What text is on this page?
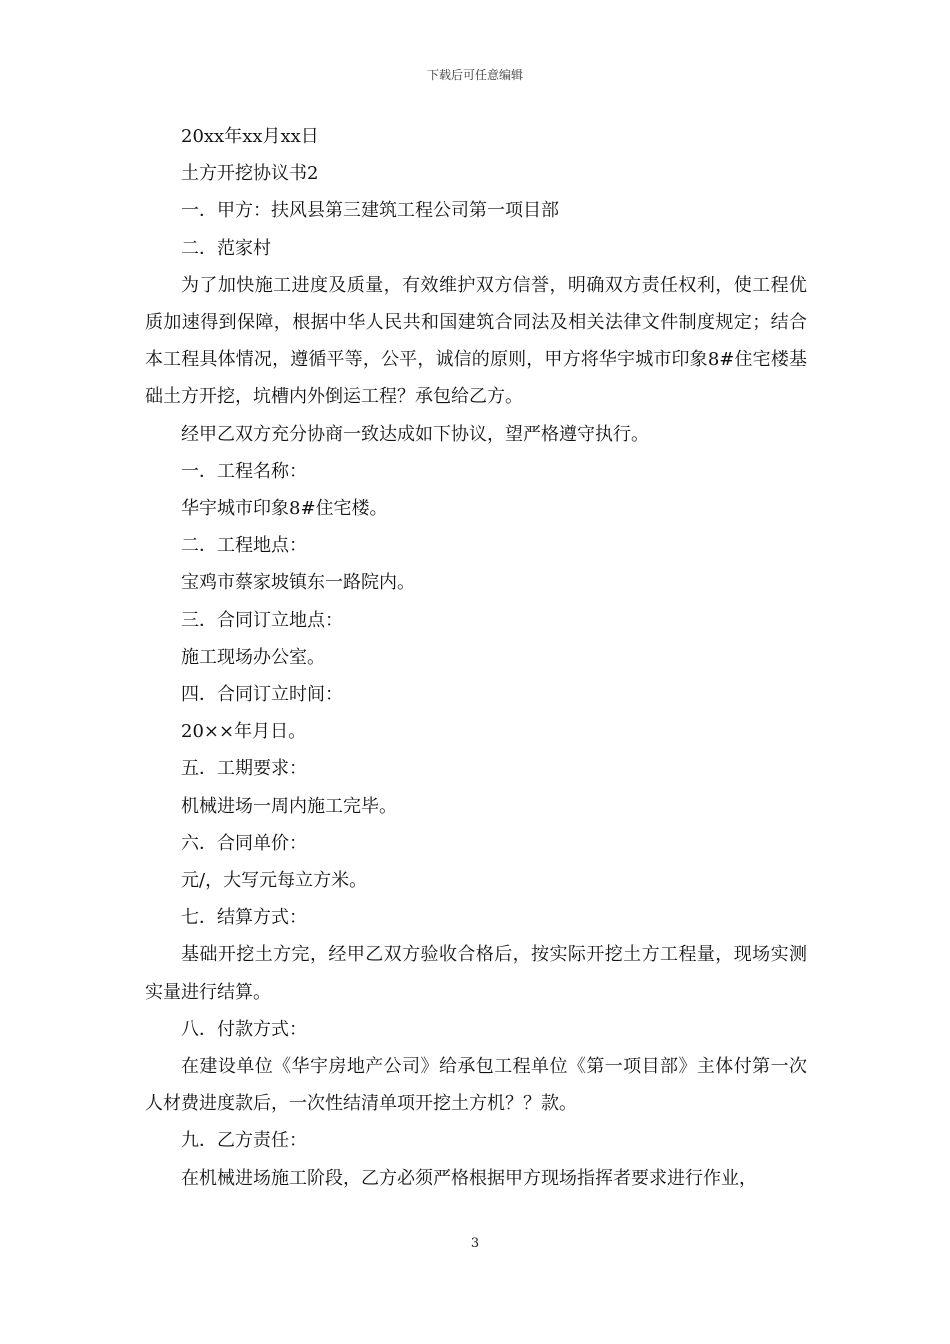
下载后可任意编辑

20xx年xx月xx日

土方开挖协议书2

一．甲方：扶风县第三建筑工程公司第一项目部

二．范家村

为了加快施工进度及质量，有效维护双方信誉，明确双方责任权利，使工程优质加速得到保障，根据中华人民共和国建筑合同法及相关法律文件制度规定；结合本工程具体情况，遵循平等，公平，诚信的原则，甲方将华宇城市印象8#住宅楼基础土方开挖，坑槽内外倒运工程？承包给乙方。

经甲乙双方充分协商一致达成如下协议，望严格遵守执行。

一．工程名称：

华宇城市印象8#住宅楼。

二．工程地点：

宝鸡市蔡家坡镇东一路院内。

三．合同订立地点：

施工现场办公室。

四．合同订立时间：

20××年月日。

五．工期要求：

机械进场一周内施工完毕。

六．合同单价：

元/，大写元每立方米。

七．结算方式：

基础开挖土方完，经甲乙双方验收合格后，按实际开挖土方工程量，现场实测实量进行结算。

八．付款方式：

在建设单位《华宇房地产公司》给承包工程单位《第一项目部》主体付第一次人材费进度款后，一次性结清单项开挖土方机？？款。

九．乙方责任：

在机械进场施工阶段，乙方必须严格根据甲方现场指挥者要求进行作业，

3
